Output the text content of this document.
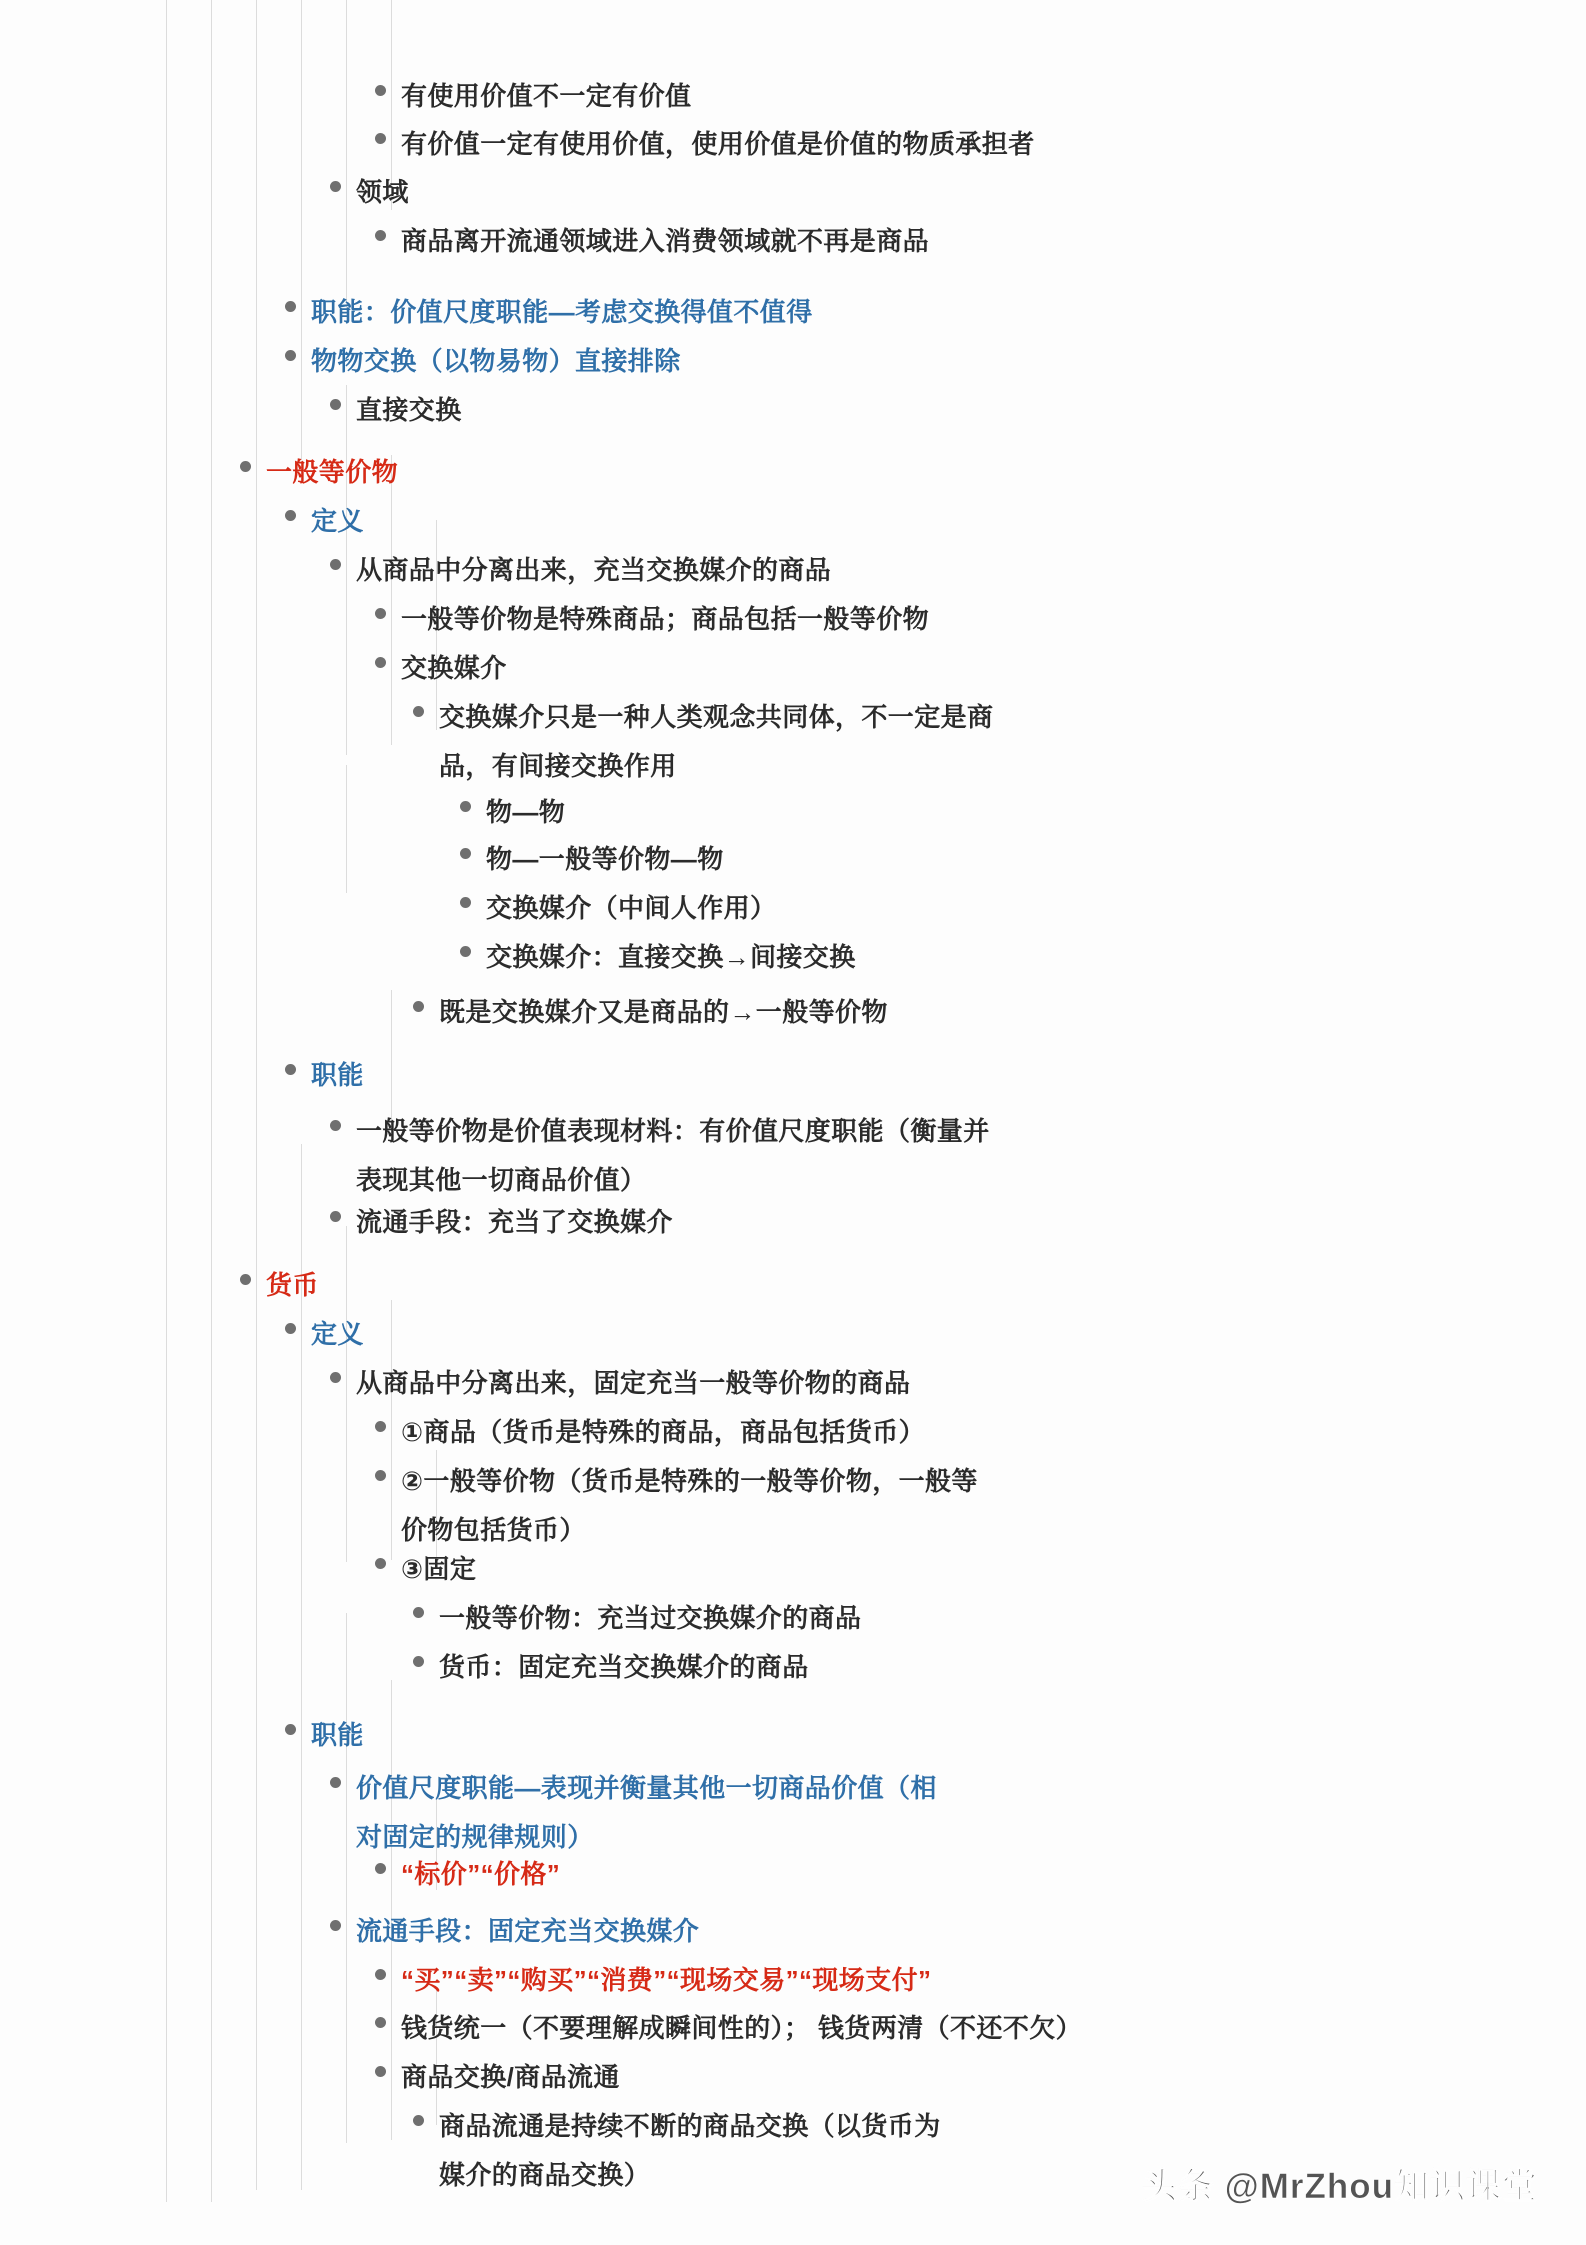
有使用价值不一定有价值
有价值一定有使用价值，使用价值是价值的物质承担者
领域
商品离开流通领域进入消费领域就不再是商品
职能：价值尺度职能—考虑交换得值不值得
物物交换（以物易物）直接排除
直接交换
一般等价物
定义
从商品中分离出来，充当交换媒介的商品
一般等价物是特殊商品；商品包括一般等价物
交换媒介
交换媒介只是一种人类观念共同体，不一定是商品，有间接交换作用
物—物
物—一般等价物—物
交换媒介（中间人作用）
交换媒介：直接交换→间接交换
既是交换媒介又是商品的→一般等价物
职能
一般等价物是价值表现材料：有价值尺度职能（衡量并表现其他一切商品价值）
流通手段：充当了交换媒介
货币
定义
从商品中分离出来，固定充当一般等价物的商品
①商品（货币是特殊的商品，商品包括货币）
②一般等价物（货币是特殊的一般等价物，一般等价物包括货币）
③固定
一般等价物：充当过交换媒介的商品
货币：固定充当交换媒介的商品
职能
价值尺度职能—表现并衡量其他一切商品价值（相对固定的规律规则）
“标价”“价格”
流通手段：固定充当交换媒介
“买”“卖”“购买”“消费”“现场交易”“现场支付”
钱货统一（不要理解成瞬间性的）； 钱货两清（不还不欠）
商品交换/商品流通
商品流通是持续不断的商品交换（以货币为媒介的商品交换）	头条 @MrZhou知识课堂
